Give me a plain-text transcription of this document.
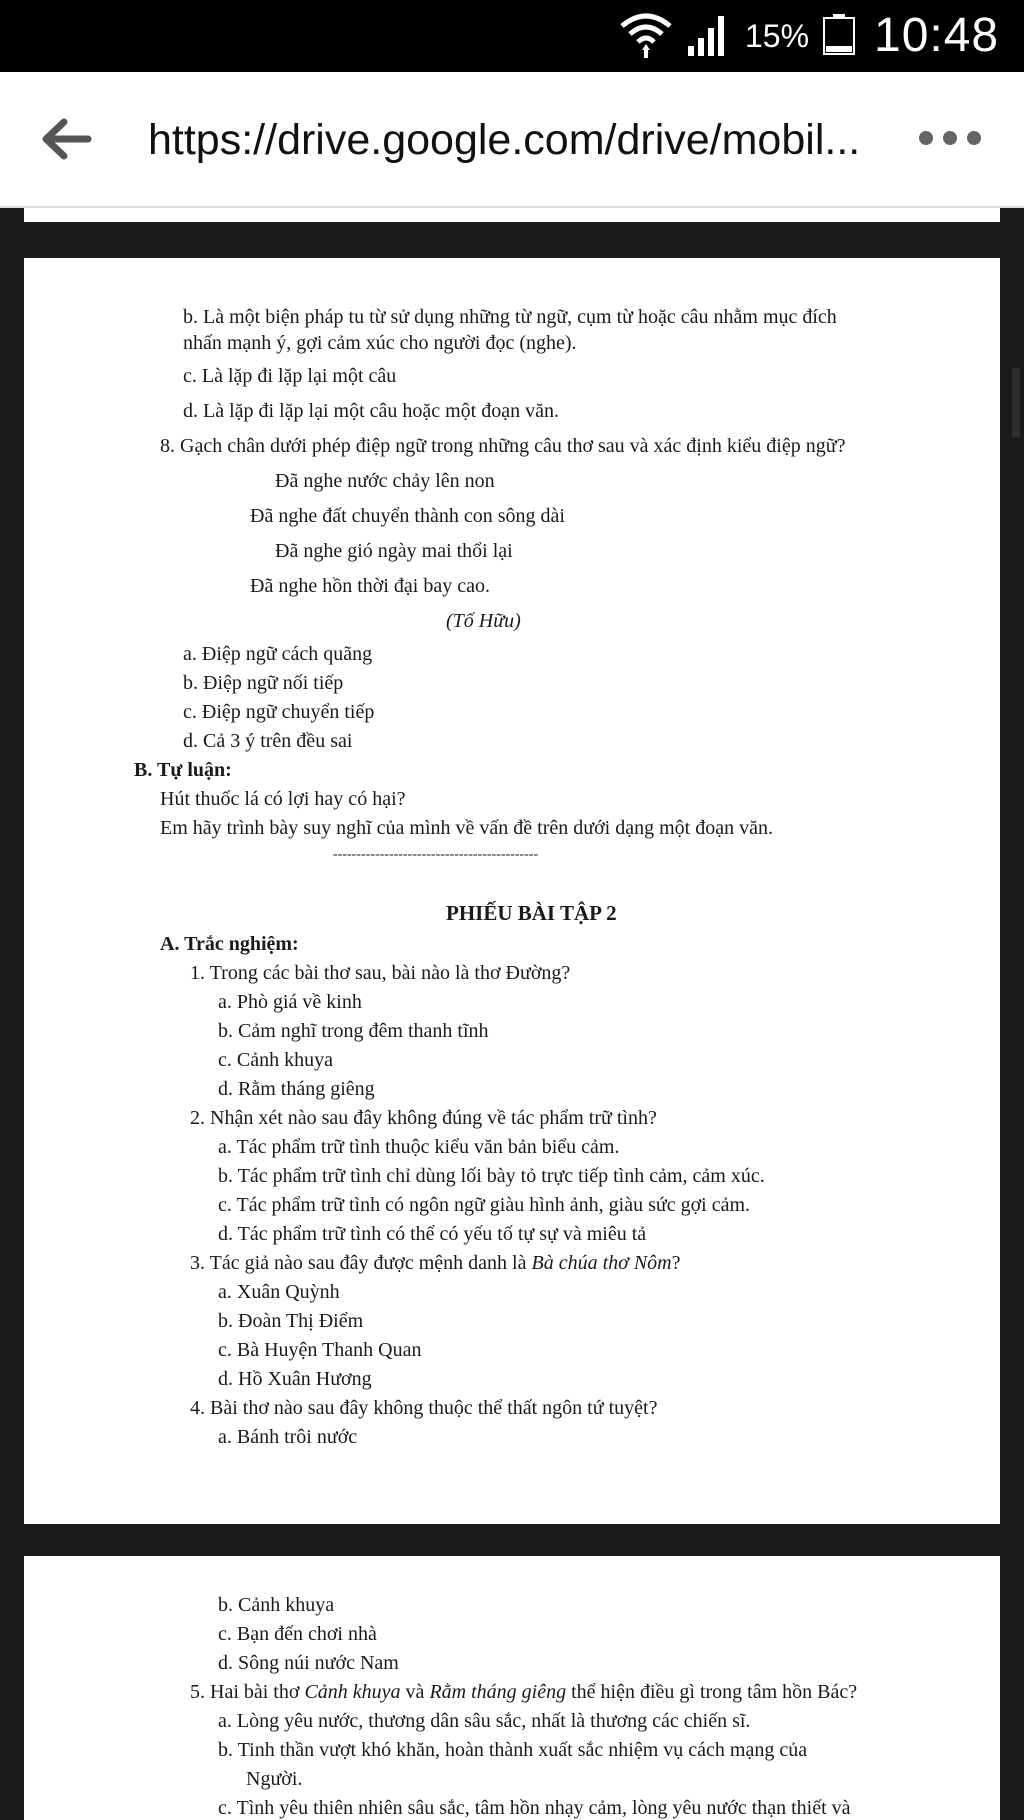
15% 10:48
https://drive.google.com/drive/mobil...
b. Là một biện pháp tu từ sử dụng những từ ngữ, cụm từ hoặc câu nhằm mục đích
nhấn mạnh ý, gợi cảm xúc cho người đọc (nghe).
c. Là lặp đi lặp lại một câu
d. Là lặp đi lặp lại một câu hoặc một đoạn văn.
8. Gạch chân dưới phép điệp ngữ trong những câu thơ sau và xác định kiểu điệp ngữ?
Đã nghe nước chảy lên non
Đã nghe đất chuyển thành con sông dài
Đã nghe gió ngày mai thổi lại
Đã nghe hồn thời đại bay cao.
(Tố Hữu)
a. Điệp ngữ cách quãng
b. Điệp ngữ nối tiếp
c. Điệp ngữ chuyển tiếp
d. Cả 3 ý trên đều sai
B. Tự luận:
Hút thuốc lá có lợi hay có hại?
Em hãy trình bày suy nghĩ của mình về vấn đề trên dưới dạng một đoạn văn.
--------------------------------------------
PHIẾU BÀI TẬP 2
A. Trắc nghiệm:
1. Trong các bài thơ sau, bài nào là thơ Đường?
a. Phò giá về kinh
b. Cảm nghĩ trong đêm thanh tĩnh
c. Cảnh khuya
d. Rằm tháng giêng
2. Nhận xét nào sau đây không đúng về tác phẩm trữ tình?
a. Tác phẩm trữ tình thuộc kiểu văn bản biểu cảm.
b. Tác phẩm trữ tình chỉ dùng lối bày tỏ trực tiếp tình cảm, cảm xúc.
c. Tác phẩm trữ tình có ngôn ngữ giàu hình ảnh, giàu sức gợi cảm.
d. Tác phẩm trữ tình có thể có yếu tố tự sự và miêu tả
3. Tác giả nào sau đây được mệnh danh là Bà chúa thơ Nôm?
a. Xuân Quỳnh
b. Đoàn Thị Điểm
c. Bà Huyện Thanh Quan
d. Hồ Xuân Hương
4. Bài thơ nào sau đây không thuộc thể thất ngôn tứ tuyệt?
a. Bánh trôi nước
b. Cảnh khuya
c. Bạn đến chơi nhà
d. Sông núi nước Nam
5. Hai bài thơ Cảnh khuya và Rằm tháng giêng thể hiện điều gì trong tâm hồn Bác?
a. Lòng yêu nước, thương dân sâu sắc, nhất là thương các chiến sĩ.
b. Tinh thần vượt khó khăn, hoàn thành xuất sắc nhiệm vụ cách mạng của
Người.
c. Tình yêu thiên nhiên sâu sắc, tâm hồn nhạy cảm, lòng yêu nước thạn thiết và
